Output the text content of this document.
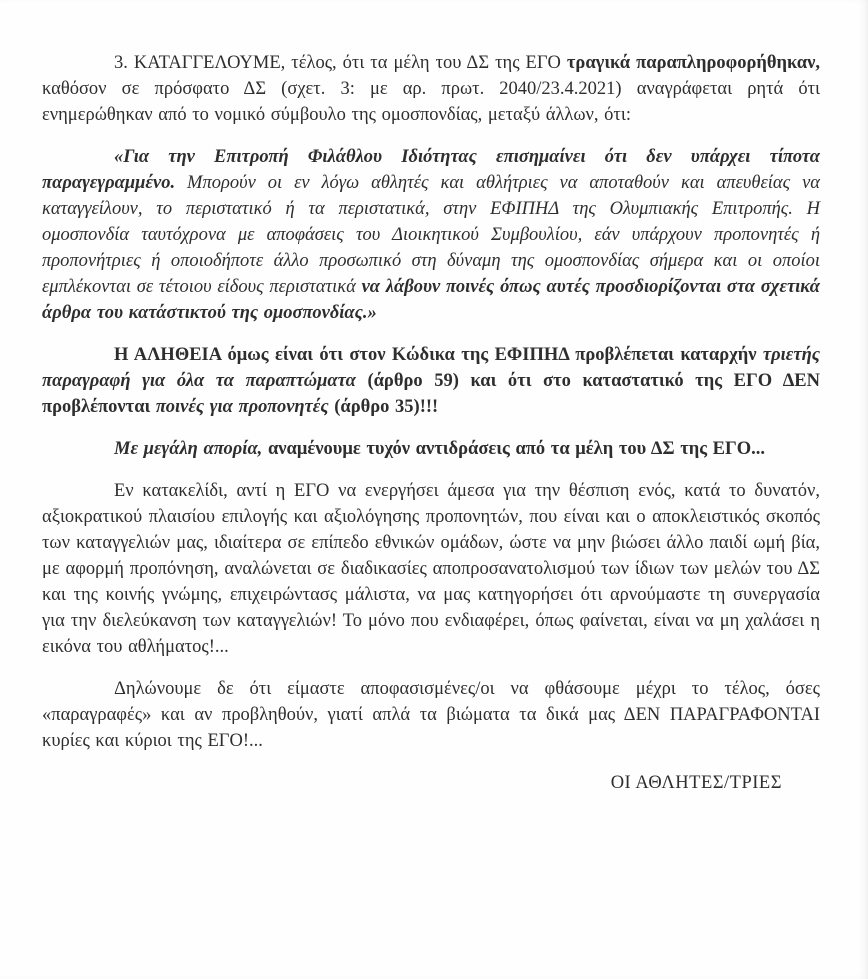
3. ΚΑΤΑΓΓΕΛΟΥΜΕ, τέλος, ότι τα μέλη του ΔΣ της ΕΓΟ τραγικά παραπληροφορήθηκαν, καθόσον σε πρόσφατο ΔΣ (σχετ. 3: με αρ. πρωτ. 2040/23.4.2021) αναγράφεται ρητά ότι ενημερώθηκαν από το νομικό σύμβουλο της ομοσπονδίας, μεταξύ άλλων, ότι:

«Για την Επιτροπή Φιλάθλου Ιδιότητας επισημαίνει ότι δεν υπάρχει τίποτα παραγεγραμμένο. Μπορούν οι εν λόγω αθλητές και αθλήτριες να αποταθούν και απευθείας να καταγγείλουν, το περιστατικό ή τα περιστατικά, στην ΕΦΙΠΗΔ της Ολυμπιακής Επιτροπής. Η ομοσπονδία ταυτόχρονα με αποφάσεις του Διοικητικού Συμβουλίου, εάν υπάρχουν προπονητές ή προπονήτριες ή οποιοδήποτε άλλο προσωπικό στη δύναμη της ομοσπονδίας σήμερα και οι οποίοι εμπλέκονται σε τέτοιου είδους περιστατικά να λάβουν ποινές όπως αυτές προσδιορίζονται στα σχετικά άρθρα του κατάστικτού της ομοσπονδίας.»

Η ΑΛΗΘΕΙΑ όμως είναι ότι στον Κώδικα της ΕΦΙΠΗΔ προβλέπεται καταρχήν τριετής παραγραφή για όλα τα παραπτώματα (άρθρο 59) και ότι στο καταστατικό της ΕΓΟ ΔΕΝ προβλέπονται ποινές για προπονητές (άρθρο 35)!!!

Με μεγάλη απορία, αναμένουμε τυχόν αντιδράσεις από τα μέλη του ΔΣ της ΕΓΟ...

Εν κατακελίδι, αντί η ΕΓΟ να ενεργήσει άμεσα για την θέσπιση ενός, κατά το δυνατόν, αξιοκρατικού πλαισίου επιλογής και αξιολόγησης προπονητών, που είναι και ο αποκλειστικός σκοπός των καταγγελιών μας, ιδιαίτερα σε επίπεδο εθνικών ομάδων, ώστε να μην βιώσει άλλο παιδί ωμή βία, με αφορμή προπόνηση, αναλώνεται σε διαδικασίες αποπροσανατολισμού των ίδιων των μελών του ΔΣ και της κοινής γνώμης, επιχειρώντασς μάλιστα, να μας κατηγορήσει ότι αρνούμαστε τη συνεργασία για την διελεύκανση των καταγγελιών! Το μόνο που ενδιαφέρει, όπως φαίνεται, είναι να μη χαλάσει η εικόνα του αθλήματος!...

Δηλώνουμε δε ότι είμαστε αποφασισμένες/οι να φθάσουμε μέχρι το τέλος, όσες «παραγραφές» και αν προβληθούν, γιατί απλά τα βιώματα τα δικά μας ΔΕΝ ΠΑΡΑΓΡΑΦΟΝΤΑΙ κυρίες και κύριοι της ΕΓΟ!...

ΟΙ ΑΘΛΗΤΕΣ/ΤΡΙΕΣ
